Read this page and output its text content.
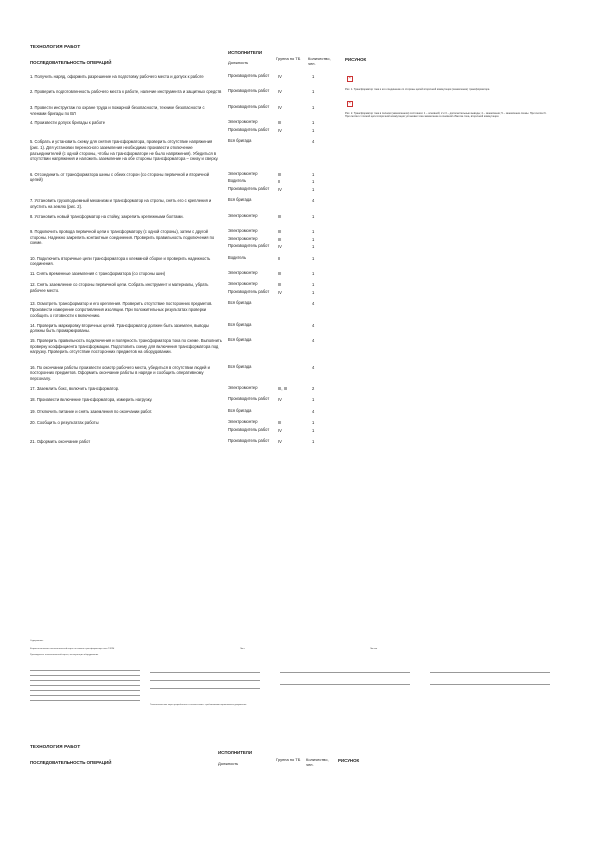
ТЕХНОЛОГИЯ РАБОТ
ИСПОЛНИТЕЛИ
ПОСЛЕДОВАТЕЛЬНОСТЬ ОПЕРАЦИЙ	Должность
Группа по ТБ	Количество, чел.
РИСУНОК
×
Рис. 1. Трансформатор тока и его соединение со стороны цепей вторичной коммутации (заземление) трансформатора
×
Рис. 2. Трансформатор тока в полном (заземленном) состоянии: 1 – основной; 2 и 3 – дополнительные выводы; 4 – заземление; 5 – заземление схемы. При снятии 6. При снятии с полной цепи вторичной коммутации установки тока заземление в основной обмотке тока, вторичной коммутации.
1. Получить наряд, оформить разрешение на подготовку рабочего места и допуск к работе	Производитель работ	IV	1
2. Проверить подготовленность рабочего места к работе, наличие инструмента и защитных средств Производитель работ	IV	1
3. Провести инструктаж по охране труда и пожарной безопасности, технике безопасности с членами бригады по ВЛ
Производитель работ	IV	1
4. Произвести допуск бригады к работе	Электромонтер	III	1
Производитель работ	IV	1
5. Собрать и установить схему для снятия трансформатора, проверить отсутствие напряжения (рис. 1). Для установки переносного заземления необходимо произвести отключение разъединителей (с одной стороны, чтобы на трансформаторе не было напряжения). Убедиться в отсутствии напряжения и наложить заземление на обе стороны трансформатора – снизу и сверху.
Вся бригада	4
6. Отсоединить от трансформатора шины с обеих сторон (со стороны первичной и вторичной цепей)
Электромонтер	III	1
Водитель	II	1
Производитель работ	IV	1
7. Установить грузоподъемный механизм и трансформатор на стропы, снять его с крепления и опустить на землю (рис. 2).
Вся бригада	4
8. Установить новый трансформатор на стойку, закрепить крепежными болтами.	Электромонтер	III	1
9. Подключить провода первичной цепи к трансформатору (с одной стороны), затем с другой стороны. Надежно закрепить контактные соединения. Проверить правильность подключения по схеме.
Электромонтер	III	1
Электромонтер	III	1
Производитель работ	IV	1
10. Подключить вторичные цепи трансформатора к клеммной сборке и проверить надежность соединения.
Водитель	II	1
11. Снять временные заземления с трансформатора (со стороны шин)	Электромонтер	III	1
12. Снять заземление со стороны первичной цепи. Собрать инструмент и материалы, убрать рабочее место.
Электромонтер	III	1
Производитель работ	IV	1
13. Осмотреть трансформатор и его крепления. Проверить отсутствие посторонних предметов. Произвести измерение сопротивления изоляции. При положительных результатах проверки сообщить о готовности к включению.
Вся бригада	4
14. Проверить маркировку вторичных цепей. Трансформатор должен быть заземлен, выводы должны быть промаркированы.
Вся бригада	4
15. Проверить правильность подключения и полярность трансформатора тока по схеме. Выполнить проверку коэффициента трансформации. Подготовить схему для включения трансформатора под нагрузку. Проверить отсутствие посторонних предметов на оборудовании.
Вся бригада	4
16. По окончании работы произвести осмотр рабочего места, убедиться в отсутствии людей и посторонних предметов. Оформить окончание работы в наряде и сообщить оперативному персоналу.
Вся бригада	4
17. Заземлить бокс, включить трансформатор.	Электромонтер	III, III	2
18. Произвести включение трансформатора, измерить нагрузку.	Производитель работ	IV	1
19. Отключить питание и снять заземления по окончании работ.	Вся бригада	4
20. Сообщить о результатах работы	Электромонтер	III	1
Производитель работ	IV	1
21. Оформить окончание работ	Производитель работ	IV	1
Содержание:
Форма исполнения технологической карты по замене трансформатора тока ТФЗМ
Руководитель технологической карты, эксплуатация оборудования
Лист	Листов
Технологическая карта разработана в соответствии с требованиями нормативных документов
ТЕХНОЛОГИЯ РАБОТ
ИСПОЛНИТЕЛИ
ПОСЛЕДОВАТЕЛЬНОСТЬ ОПЕРАЦИЙ	Должность
Группа по ТБ	Количество, чел.
РИСУНОК
